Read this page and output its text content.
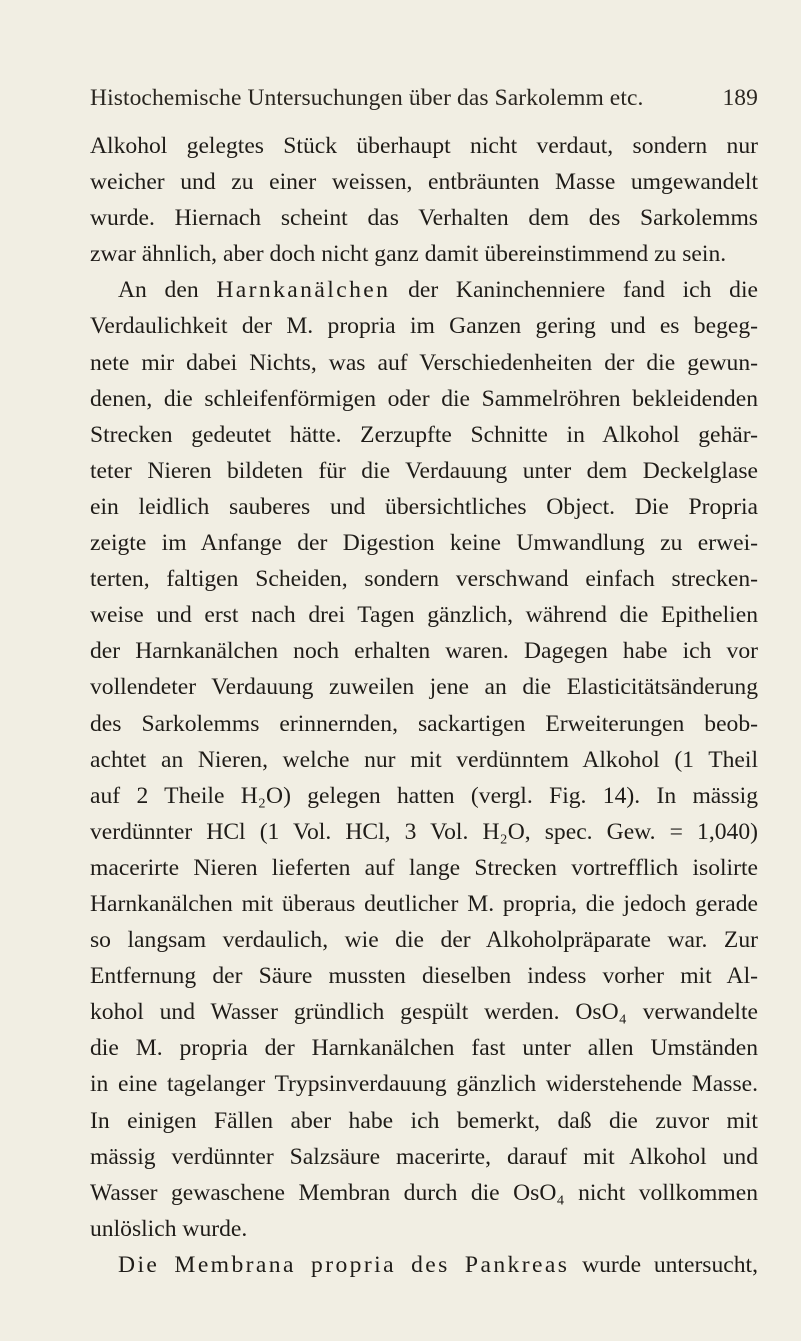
Histochemische Untersuchungen über das Sarkolemm etc.	189
Alkohol gelegtes Stück überhaupt nicht verdaut, sondern nur
weicher und zu einer weissen, entbräunten Masse umgewandelt
wurde. Hiernach scheint das Verhalten dem des Sarkolemms
zwar ähnlich, aber doch nicht ganz damit übereinstimmend zu sein.
An den Harnkanälchen der Kaninchenniere fand ich die
Verdaulichkeit der M. propria im Ganzen gering und es begeg-
nete mir dabei Nichts, was auf Verschiedenheiten der die gewun-
denen, die schleifenförmigen oder die Sammelröhren bekleidenden
Strecken gedeutet hätte. Zerzupfte Schnitte in Alkohol gehär-
teter Nieren bildeten für die Verdauung unter dem Deckelglase
ein leidlich sauberes und übersichtliches Object. Die Propria
zeigte im Anfange der Digestion keine Umwandlung zu erwei-
terten, faltigen Scheiden, sondern verschwand einfach strecken-
weise und erst nach drei Tagen gänzlich, während die Epithelien
der Harnkanälchen noch erhalten waren. Dagegen habe ich vor
vollendeter Verdauung zuweilen jene an die Elasticitätsänderung
des Sarkolemms erinnernden, sackartigen Erweiterungen beob-
achtet an Nieren, welche nur mit verdünntem Alkohol (1 Theil
auf 2 Theile H₂O) gelegen hatten (vergl. Fig. 14). In mässig
verdünnter HCl (1 Vol. HCl, 3 Vol. H₂O, spec. Gew. = 1,040)
macerirte Nieren lieferten auf lange Strecken vortrefflich isolirte
Harnkanälchen mit überaus deutlicher M. propria, die jedoch gerade
so langsam verdaulich, wie die der Alkoholpräparate war. Zur
Entfernung der Säure mussten dieselben indess vorher mit Al-
kohol und Wasser gründlich gespült werden. OsO₄ verwandelte
die M. propria der Harnkanälchen fast unter allen Umständen
in eine tagelanger Trypsinverdauung gänzlich widerstehende Masse.
In einigen Fällen aber habe ich bemerkt, daß die zuvor mit
mässig verdünnter Salzsäure macerirte, darauf mit Alkohol und
Wasser gewaschene Membran durch die OsO₄ nicht vollkommen
unlöslich wurde.
Die Membrana propria des Pankreas wurde untersucht,
